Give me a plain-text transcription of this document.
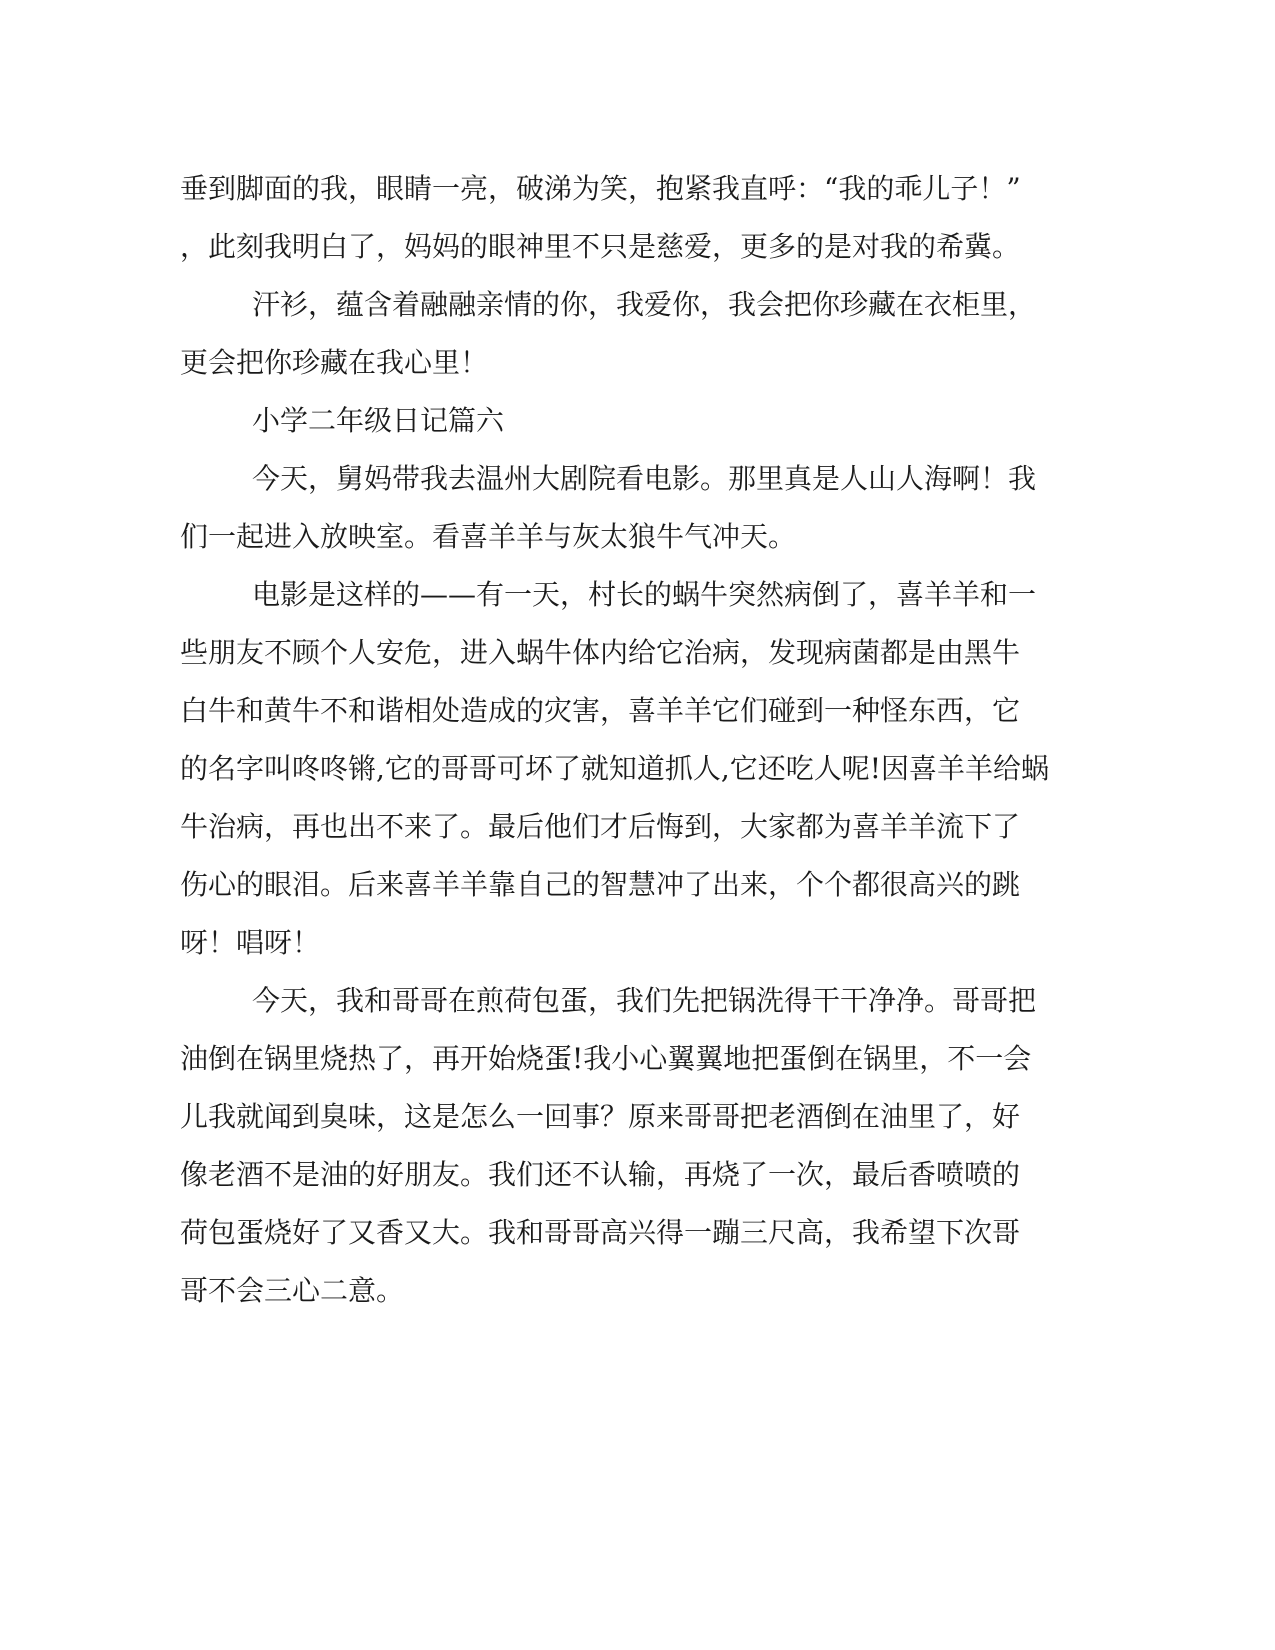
垂到脚面的我，眼睛一亮，破涕为笑，抱紧我直呼：“我的乖儿子！”
，此刻我明白了，妈妈的眼神里不只是慈爱，更多的是对我的希冀。
汗衫，蕴含着融融亲情的你，我爱你，我会把你珍藏在衣柜里，
更会把你珍藏在我心里！
小学二年级日记篇六
今天，舅妈带我去温州大剧院看电影。那里真是人山人海啊！我
们一起进入放映室。看喜羊羊与灰太狼牛气冲天。
电影是这样的——有一天，村长的蜗牛突然病倒了，喜羊羊和一
些朋友不顾个人安危，进入蜗牛体内给它治病，发现病菌都是由黑牛
白牛和黄牛不和谐相处造成的灾害，喜羊羊它们碰到一种怪东西，它
的名字叫咚咚锵,它的哥哥可坏了就知道抓人,它还吃人呢!因喜羊羊给蜗
牛治病，再也出不来了。最后他们才后悔到，大家都为喜羊羊流下了
伤心的眼泪。后来喜羊羊靠自己的智慧冲了出来，个个都很高兴的跳
呀！唱呀！
今天，我和哥哥在煎荷包蛋，我们先把锅洗得干干净净。哥哥把
油倒在锅里烧热了，再开始烧蛋!我小心翼翼地把蛋倒在锅里，不一会
儿我就闻到臭味，这是怎么一回事？原来哥哥把老酒倒在油里了，好
像老酒不是油的好朋友。我们还不认输，再烧了一次，最后香喷喷的
荷包蛋烧好了又香又大。我和哥哥高兴得一蹦三尺高，我希望下次哥
哥不会三心二意。
